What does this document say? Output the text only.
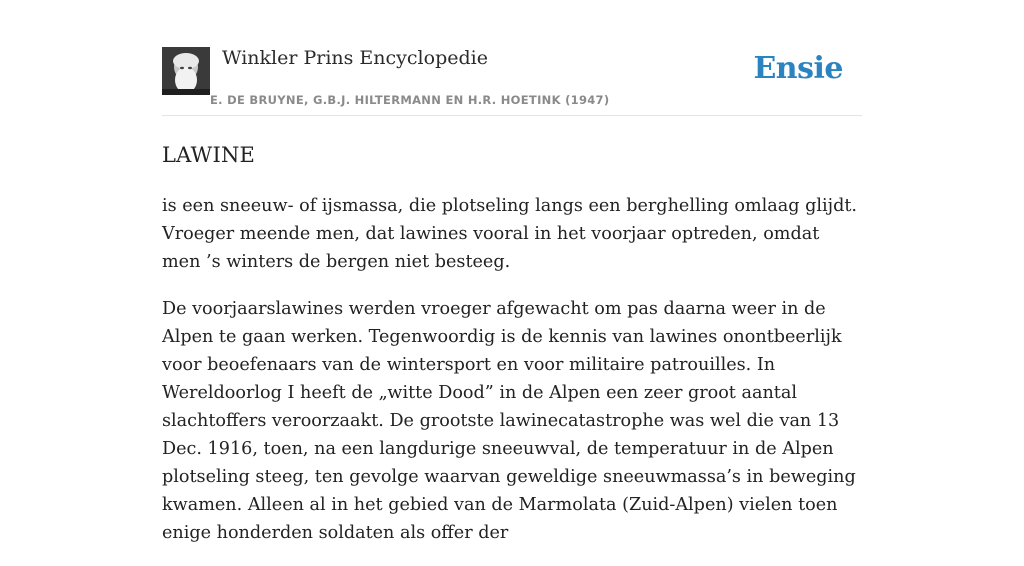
Winkler Prins Encyclopedie
E. DE BRUYNE, G.B.J. HILTERMANN EN H.R. HOETINK (1947)
Ensie
LAWINE

is een sneeuw- of ijsmassa, die plotseling langs een berghelling omlaag glijdt. Vroeger meende men, dat lawines vooral in het voorjaar optreden, omdat men ’s winters de bergen niet besteeg.

De voorjaarslawines werden vroeger afgewacht om pas daarna weer in de Alpen te gaan werken. Tegenwoordig is de kennis van lawines onontbeerlijk voor beoefenaars van de wintersport en voor militaire patrouilles. In Wereldoorlog I heeft de „witte Dood” in de Alpen een zeer groot aantal slachtoffers veroorzaakt. De grootste lawinecatastrophe was wel die van 13 Dec. 1916, toen, na een langdurige sneeuwval, de temperatuur in de Alpen plotseling steeg, ten gevolge waarvan geweldige sneeuwmassa’s in beweging kwamen. Alleen al in het gebied van de Marmolata (Zuid-Alpen) vielen toen enige honderden soldaten als offer der
